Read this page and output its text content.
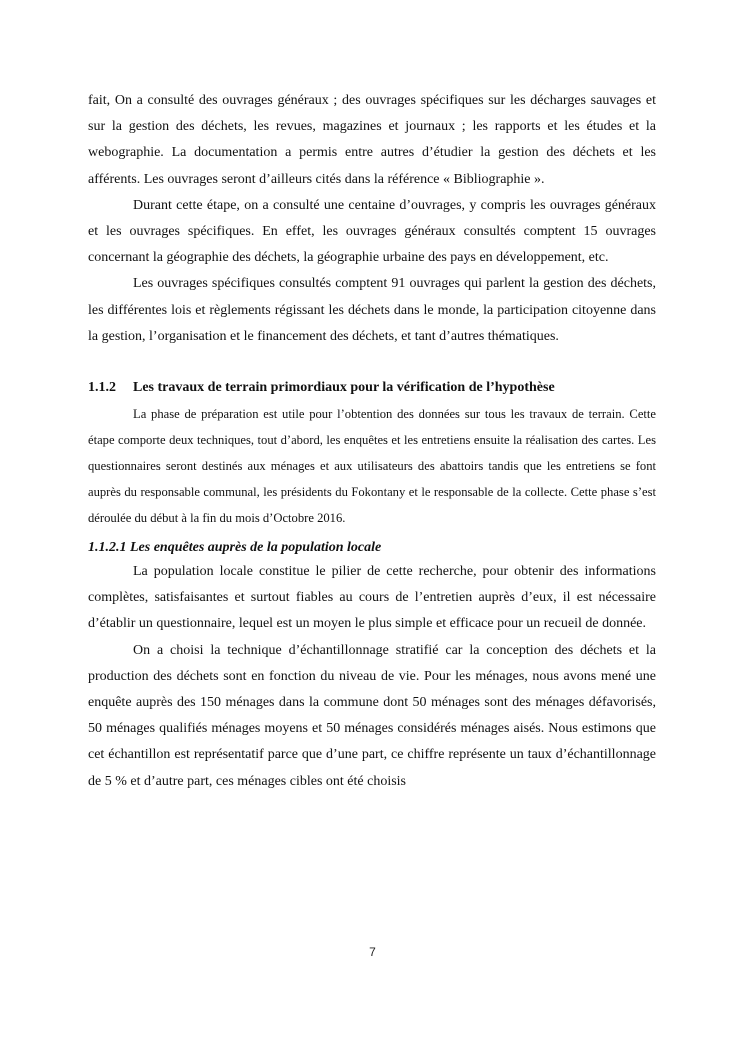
fait, On a consulté des ouvrages généraux ; des ouvrages spécifiques sur les décharges sauvages et sur la gestion des déchets, les revues, magazines et journaux ; les rapports et les études et la webographie. La documentation a permis entre autres d’étudier la gestion des déchets et les afférents. Les ouvrages seront d’ailleurs cités dans la référence « Bibliographie ».

Durant cette étape, on a consulté une centaine d’ouvrages, y compris les ouvrages généraux et les ouvrages spécifiques. En effet, les ouvrages généraux consultés comptent 15 ouvrages concernant la géographie des déchets, la géographie urbaine des pays en développement, etc.

Les ouvrages spécifiques consultés comptent 91 ouvrages qui parlent la gestion des déchets, les différentes lois et règlements régissant les déchets dans le monde, la participation citoyenne dans la gestion, l’organisation et le financement des déchets, et tant d’autres thématiques.

1.1.2 Les travaux de terrain primordiaux pour la vérification de l’hypothèse

La phase de préparation est utile pour l’obtention des données sur tous les travaux de terrain. Cette étape comporte deux techniques, tout d’abord, les enquêtes et les entretiens ensuite la réalisation des cartes. Les questionnaires seront destinés aux ménages et aux utilisateurs des abattoirs tandis que les entretiens se font auprès du responsable communal, les présidents du Fokontany et le responsable de la collecte. Cette phase s’est déroulée du début à la fin du mois d’Octobre 2016.

1.1.2.1 Les enquêtes auprès de la population locale

La population locale constitue le pilier de cette recherche, pour obtenir des informations complètes, satisfaisantes et surtout fiables au cours de l’entretien auprès d’eux, il est nécessaire d’établir un questionnaire, lequel est un moyen le plus simple et efficace pour un recueil de donnée.

On a choisi la technique d’échantillonnage stratifié car la conception des déchets et la production des déchets sont en fonction du niveau de vie. Pour les ménages, nous avons mené une enquête auprès des 150 ménages dans la commune dont 50 ménages sont des ménages défavorisés, 50 ménages qualifiés ménages moyens et 50 ménages considérés ménages aisés. Nous estimons que cet échantillon est représentatif parce que d’une part, ce chiffre représente un taux d’échantillonnage de 5 % et d’autre part, ces ménages cibles ont été choisis

7
